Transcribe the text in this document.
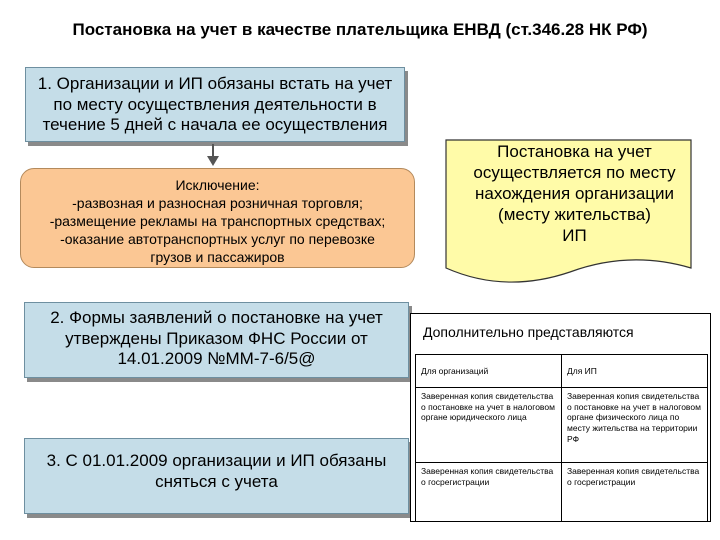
Постановка на учет в качестве плательщика ЕНВД (ст.346.28 НК РФ)
1. Организации и ИП обязаны встать на учет
по месту осуществления деятельности в
течение 5 дней с начала ее осуществления
Исключение:
-развозная и разносная розничная торговля;
-размещение рекламы на транспортных средствах;
-оказание автотранспортных услуг по перевозке
грузов и пассажиров
Постановка на учет
осуществляется по месту
нахождения организации
(месту жительства)
ИП
2. Формы заявлений о постановке на учет
утверждены Приказом ФНС России от
14.01.2009 №ММ-7-6/5@
3. С 01.01.2009 организации и ИП обязаны
сняться с учета
Дополнительно представляются
Для организаций	Для ИП
Заверенная копия свидетельства о постановке на учет в налоговом органе юридического лица	Заверенная копия свидетельства о постановке на учет в налоговом органе физического лица по месту жительства на территории РФ
Заверенная копия свидетельства о госрегистрации	Заверенная копия свидетельства о госрегистрации
